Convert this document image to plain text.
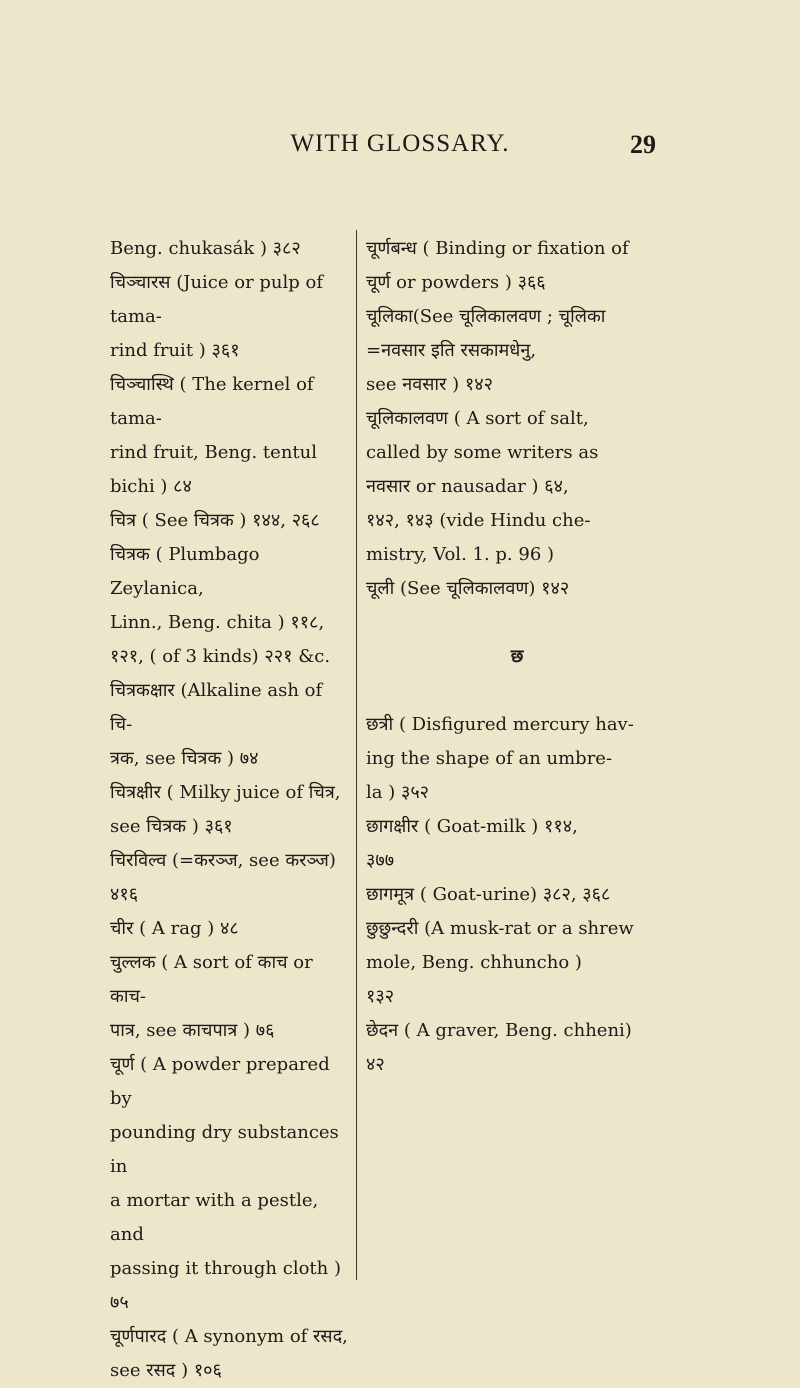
WITH GLOSSARY.	29
Beng. chukasák ) ३८२
चिञ्चारस (Juice or pulp of tama-
rind fruit ) ३६१
चिञ्चास्थि ( The kernel of tama-
rind fruit, Beng. tentul
bichi ) ८४
चित्र ( See चित्रक ) १४४, २६८
चित्रक ( Plumbago Zeylanica,
Linn., Beng. chita ) ११८,
१२१, ( of 3 kinds) २२१ &c.
चित्रकक्षार (Alkaline ash of चि-
त्रक, see चित्रक ) ७४
चित्रक्षीर ( Milky juice of चित्र,
see चित्रक ) ३६१
चिरविल्व (=करञ्ज, see करञ्ज) ४१६
चीर ( A rag ) ४८
चुल्लक ( A sort of काच or काच-
पात्र, see काचपात्र ) ७६
चूर्ण ( A powder prepared by
pounding dry substances in
a mortar with a pestle, and
passing it through cloth )
७५
चूर्णपारद ( A synonym of रसद,
see रसद ) १०६
चूर्णबन्ध ( Binding or fixation of
चूर्ण or powders ) ३६६
चूलिका(See चूलिकालवण ; चूलिका
=नवसार इति रसकामधेनु,
see नवसार ) १४२
चूलिकालवण ( A sort of salt,
called by some writers as
नवसार or nausadar ) ६४,
१४२, १४३ (vide Hindu che-
mistry, Vol. 1. p. 96 )
चूली (See चूलिकालवण) १४२

छ

छत्री ( Disfigured mercury hav-
ing the shape of an umbre-
la ) ३५२
छागक्षीर ( Goat-milk ) ११४,
३७७
छागमूत्र ( Goat-urine) ३८२, ३६८
छुछुन्दरी (A musk-rat or a shrew
mole, Beng. chhuncho )
१३२
छेदन ( A graver, Beng. chheni)
४२
